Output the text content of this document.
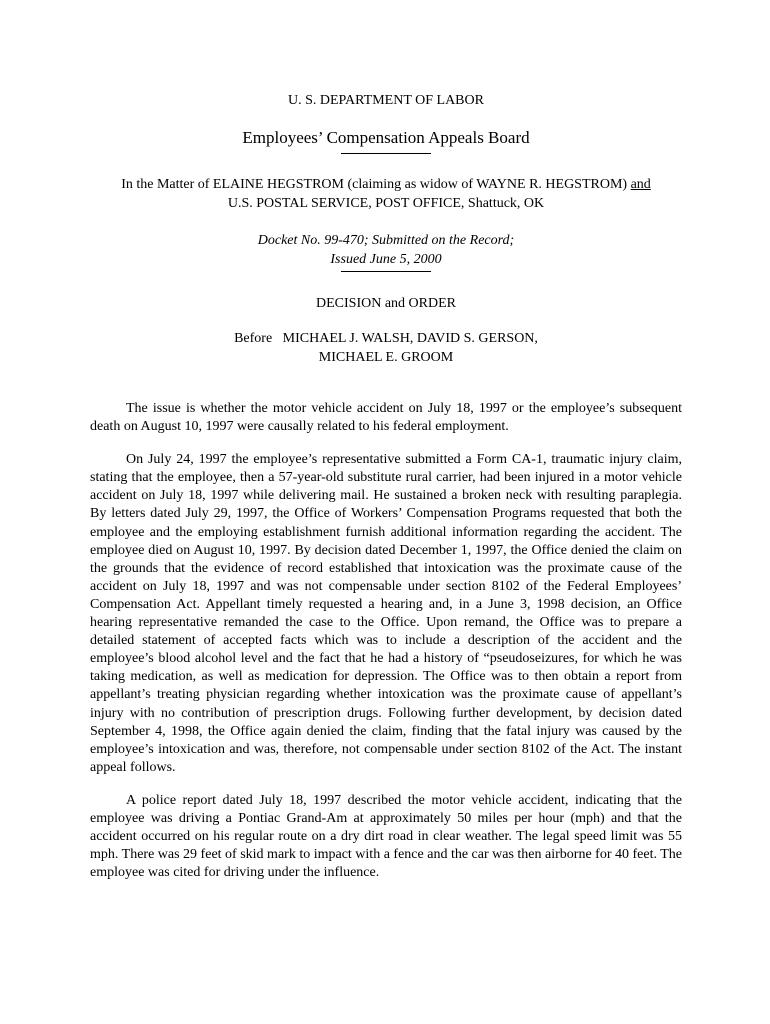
U. S. DEPARTMENT OF LABOR

Employees’ Compensation Appeals Board

In the Matter of ELAINE HEGSTROM (claiming as widow of WAYNE R. HEGSTROM) and
U.S. POSTAL SERVICE, POST OFFICE, Shattuck, OK
Docket No. 99-470; Submitted on the Record;
Issued June 5, 2000

DECISION and ORDER

Before   MICHAEL J. WALSH, DAVID S. GERSON,
MICHAEL E. GROOM

The issue is whether the motor vehicle accident on July 18, 1997 or the employee’s subsequent death on August 10, 1997 were causally related to his federal employment.

On July 24, 1997 the employee’s representative submitted a Form CA-1, traumatic injury claim, stating that the employee, then a 57-year-old substitute rural carrier, had been injured in a motor vehicle accident on July 18, 1997 while delivering mail. He sustained a broken neck with resulting paraplegia. By letters dated July 29, 1997, the Office of Workers’ Compensation Programs requested that both the employee and the employing establishment furnish additional information regarding the accident. The employee died on August 10, 1997. By decision dated December 1, 1997, the Office denied the claim on the grounds that the evidence of record established that intoxication was the proximate cause of the accident on July 18, 1997 and was not compensable under section 8102 of the Federal Employees’ Compensation Act. Appellant timely requested a hearing and, in a June 3, 1998 decision, an Office hearing representative remanded the case to the Office. Upon remand, the Office was to prepare a detailed statement of accepted facts which was to include a description of the accident and the employee’s blood alcohol level and the fact that he had a history of “pseudoseizures, for which he was taking medication, as well as medication for depression. The Office was to then obtain a report from appellant’s treating physician regarding whether intoxication was the proximate cause of appellant’s injury with no contribution of prescription drugs. Following further development, by decision dated September 4, 1998, the Office again denied the claim, finding that the fatal injury was caused by the employee’s intoxication and was, therefore, not compensable under section 8102 of the Act. The instant appeal follows.

A police report dated July 18, 1997 described the motor vehicle accident, indicating that the employee was driving a Pontiac Grand-Am at approximately 50 miles per hour (mph) and that the accident occurred on his regular route on a dry dirt road in clear weather. The legal speed limit was 55 mph. There was 29 feet of skid mark to impact with a fence and the car was then airborne for 40 feet. The employee was cited for driving under the influence.
